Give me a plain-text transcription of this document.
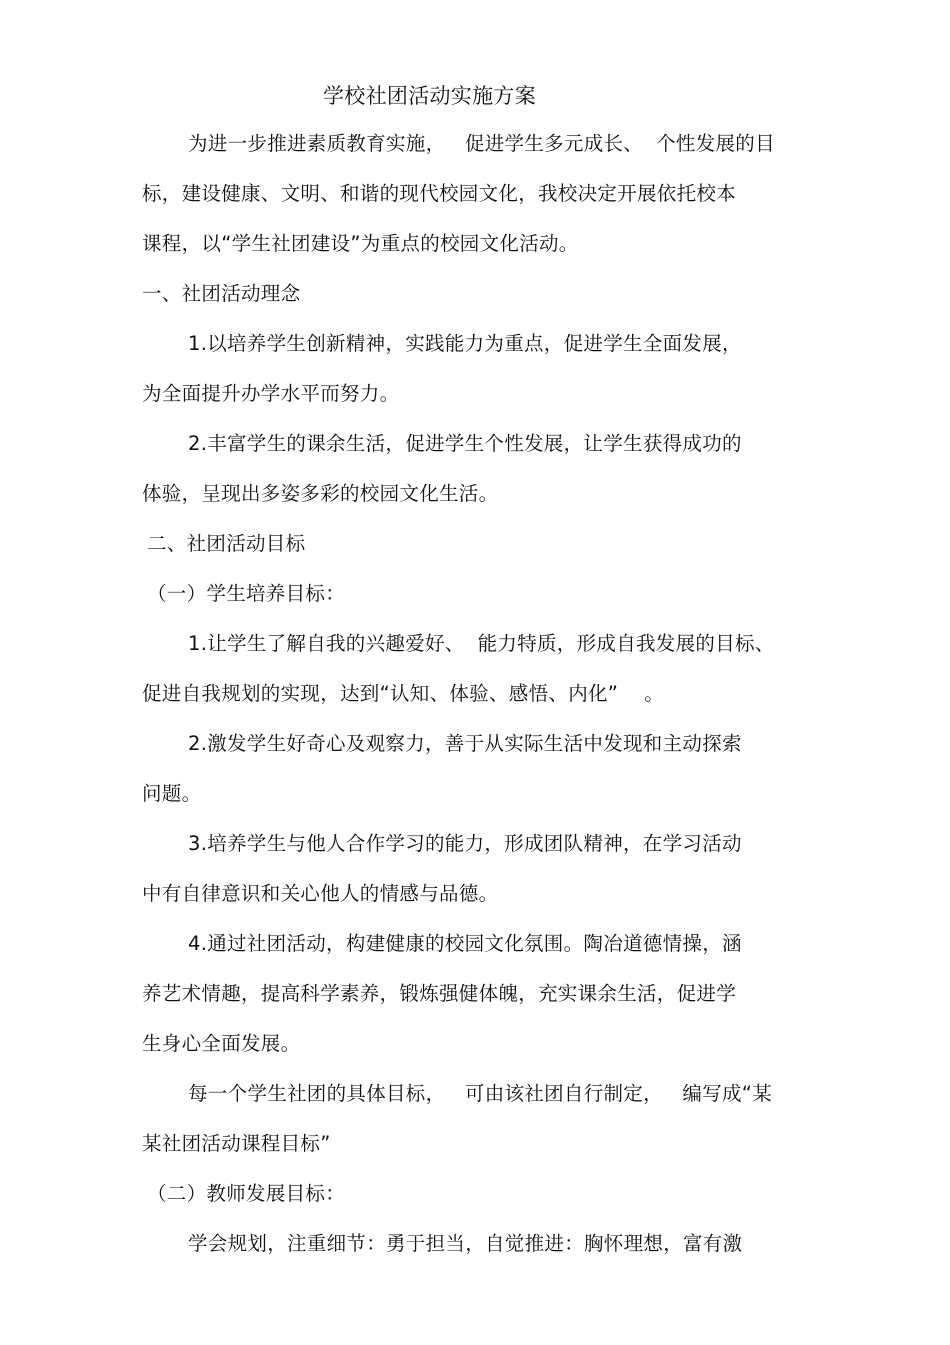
学校社团活动实施方案
为进一步推进素质教育实施，   促进学生多元成长、  个性发展的目
标，建设健康、文明、和谐的现代校园文化，我校决定开展依托校本
课程，以“学生社团建设”为重点的校园文化活动。
一、社团活动理念
1.以培养学生创新精神，实践能力为重点，促进学生全面发展，
为全面提升办学水平而努力。
2.丰富学生的课余生活，促进学生个性发展，让学生获得成功的
体验，呈现出多姿多彩的校园文化生活。
二、社团活动目标
（一）学生培养目标：
1.让学生了解自我的兴趣爱好、  能力特质，形成自我发展的目标、
促进自我规划的实现，达到“认知、体验、感悟、内化”    。
2.激发学生好奇心及观察力，善于从实际生活中发现和主动探索
问题。
3.培养学生与他人合作学习的能力，形成团队精神，在学习活动
中有自律意识和关心他人的情感与品德。
4.通过社团活动，构建健康的校园文化氛围。陶冶道德情操，涵
养艺术情趣，提高科学素养，锻炼强健体魄，充实课余生活，促进学
生身心全面发展。
每一个学生社团的具体目标，   可由该社团自行制定，   编写成“某
某社团活动课程目标”
（二）教师发展目标：
学会规划，注重细节：勇于担当，自觉推进：胸怀理想，富有激
